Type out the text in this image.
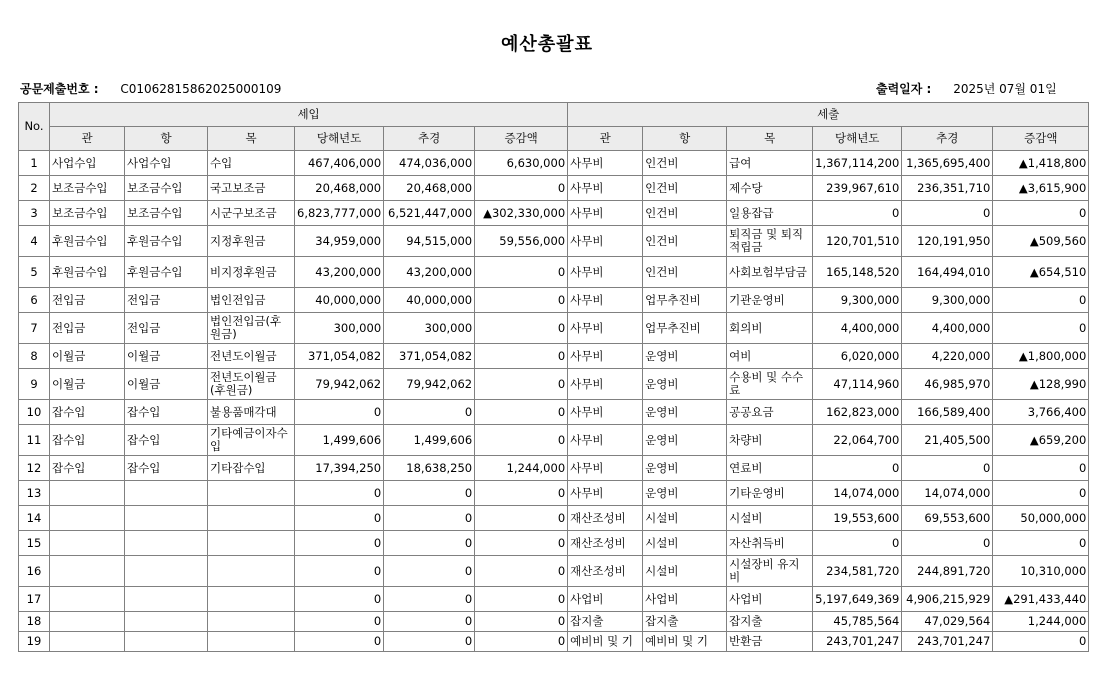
예산총괄표
공문제출번호 : C01062815862025000109	출력일자 : 2025년 07월 01일
No.	세입						세출					
	관	항	목	당해년도	추경	증감액	관	항	목	당해년도	추경	증감액
1	사업수입	사업수입	수입	467,406,000	474,036,000	6,630,000	사무비	인건비	급여	1,367,114,200	1,365,695,400	▲1,418,800
2	보조금수입	보조금수입	국고보조금	20,468,000	20,468,000	0	사무비	인건비	제수당	239,967,610	236,351,710	▲3,615,900
3	보조금수입	보조금수입	시군구보조금	6,823,777,000	6,521,447,000	▲302,330,000	사무비	인건비	일용잡급	0	0	0
4	후원금수입	후원금수입	지정후원금	34,959,000	94,515,000	59,556,000	사무비	인건비	퇴직금 및 퇴직적립금	120,701,510	120,191,950	▲509,560
5	후원금수입	후원금수입	비지정후원금	43,200,000	43,200,000	0	사무비	인건비	사회보험부담금	165,148,520	164,494,010	▲654,510
6	전입금	전입금	법인전입금	40,000,000	40,000,000	0	사무비	업무추진비	기관운영비	9,300,000	9,300,000	0
7	전입금	전입금	법인전입금(후원금)	300,000	300,000	0	사무비	업무추진비	회의비	4,400,000	4,400,000	0
8	이월금	이월금	전년도이월금	371,054,082	371,054,082	0	사무비	운영비	여비	6,020,000	4,220,000	▲1,800,000
9	이월금	이월금	전년도이월금(후원금)	79,942,062	79,942,062	0	사무비	운영비	수용비 및 수수료	47,114,960	46,985,970	▲128,990
10	잡수입	잡수입	불용품매각대	0	0	0	사무비	운영비	공공요금	162,823,000	166,589,400	3,766,400
11	잡수입	잡수입	기타예금이자수입	1,499,606	1,499,606	0	사무비	운영비	차량비	22,064,700	21,405,500	▲659,200
12	잡수입	잡수입	기타잡수입	17,394,250	18,638,250	1,244,000	사무비	운영비	연료비	0	0	0
13				0	0	0	사무비	운영비	기타운영비	14,074,000	14,074,000	0
14				0	0	0	재산조성비	시설비	시설비	19,553,600	69,553,600	50,000,000
15				0	0	0	재산조성비	시설비	자산취득비	0	0	0
16				0	0	0	재산조성비	시설비	시설장비 유지비	234,581,720	244,891,720	10,310,000
17				0	0	0	사업비	사업비	사업비	5,197,649,369	4,906,215,929	▲291,433,440
18				0	0	0	잡지출	잡지출	잡지출	45,785,564	47,029,564	1,244,000
19				0	0	0	예비비 및 기	예비비 및 기	반환금	243,701,247	243,701,247	0
